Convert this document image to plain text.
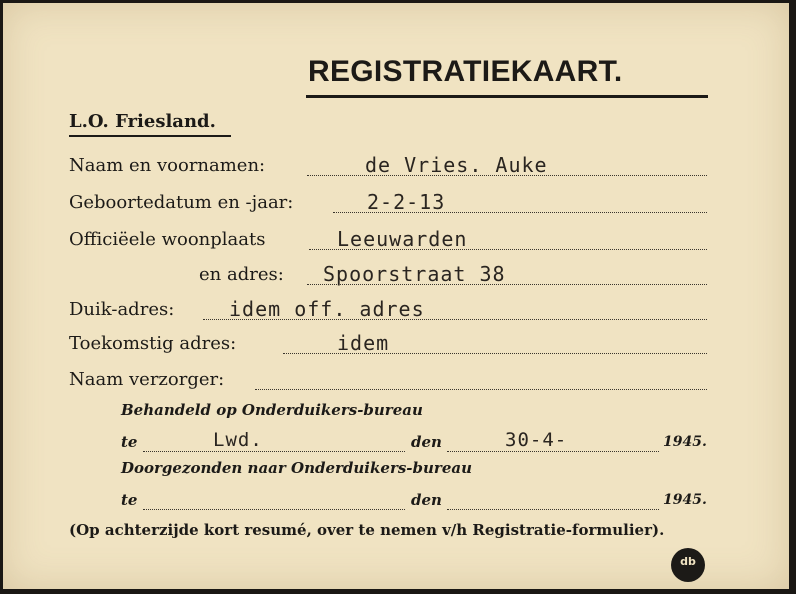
REGISTRATIEKAART.
L.O. Friesland.
Naam en voornamen:	de Vries. Auke
Geboortedatum en -jaar:	2-2-13
Officiëele woonplaats	Leeuwarden
en adres: Spoorstraat 38
Duik-adres:	idem off. adres
Toekomstig adres:	idem
Naam verzorger:
Behandeld op Onderduikers-bureau
te	Lwd.	den	30-4-	1945.
Doorgezonden naar Onderduikers-bureau
te	den	1945.
(Op achterzijde kort resumé, over te nemen v/h Registratie-formulier).
db
